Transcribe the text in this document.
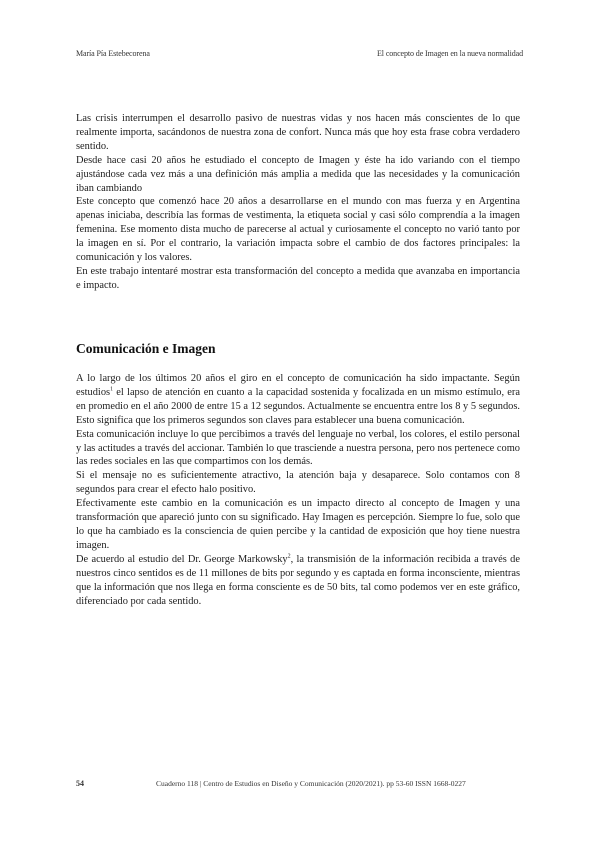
María Pía Estebecorena	El concepto de Imagen en la nueva normalidad

Las crisis interrumpen el desarrollo pasivo de nuestras vidas y nos hacen más conscientes de lo que realmente importa, sacándonos de nuestra zona de confort. Nunca más que hoy esta frase cobra verdadero sentido.

Desde hace casi 20 años he estudiado el concepto de Imagen y éste ha ido variando con el tiempo ajustándose cada vez más a una definición más amplia a medida que las necesidades y la comunicación iban cambiando

Este concepto que comenzó hace 20 años a desarrollarse en el mundo con mas fuerza y en Argentina apenas iniciaba, describía las formas de vestimenta, la etiqueta social y casi sólo comprendía a la imagen femenina. Ese momento dista mucho de parecerse al actual y curiosamente el concepto no varió tanto por la imagen en sí. Por el contrario, la variación impacta sobre el cambio de dos factores principales: la comunicación y los valores.

En este trabajo intentaré mostrar esta transformación del concepto a medida que avanzaba en importancia e impacto.

Comunicación e Imagen

A lo largo de los últimos 20 años el giro en el concepto de comunicación ha sido impactante. Según estudios$^1$ el lapso de atención en cuanto a la capacidad sostenida y focalizada en un mismo estímulo, era en promedio en el año 2000 de entre 15 a 12 segundos. Actualmente se encuentra entre los 8 y 5 segundos. Esto significa que los primeros segundos son claves para establecer una buena comunicación.

Esta comunicación incluye lo que percibimos a través del lenguaje no verbal, los colores, el estilo personal y las actitudes a través del accionar. También lo que trasciende a nuestra persona, pero nos pertenece como las redes sociales en las que compartimos con los demás.

Si el mensaje no es suficientemente atractivo, la atención baja y desaparece. Solo contamos con 8 segundos para crear el efecto halo positivo.

Efectivamente este cambio en la comunicación es un impacto directo al concepto de Imagen y una transformación que apareció junto con su significado. Hay Imagen es percepción. Siempre lo fue, solo que lo que ha cambiado es la consciencia de quien percibe y la cantidad de exposición que hoy tiene nuestra imagen.

De acuerdo al estudio del Dr. George Markowsky$^2$, la transmisión de la información recibida a través de nuestros cinco sentidos es de 11 millones de bits por segundo y es captada en forma inconsciente, mientras que la información que nos llega en forma consciente es de 50 bits, tal como podemos ver en este gráfico, diferenciado por cada sentido.

54	Cuaderno 118 | Centro de Estudios en Diseño y Comunicación (2020/2021). pp 53-60 ISSN 1668-0227
